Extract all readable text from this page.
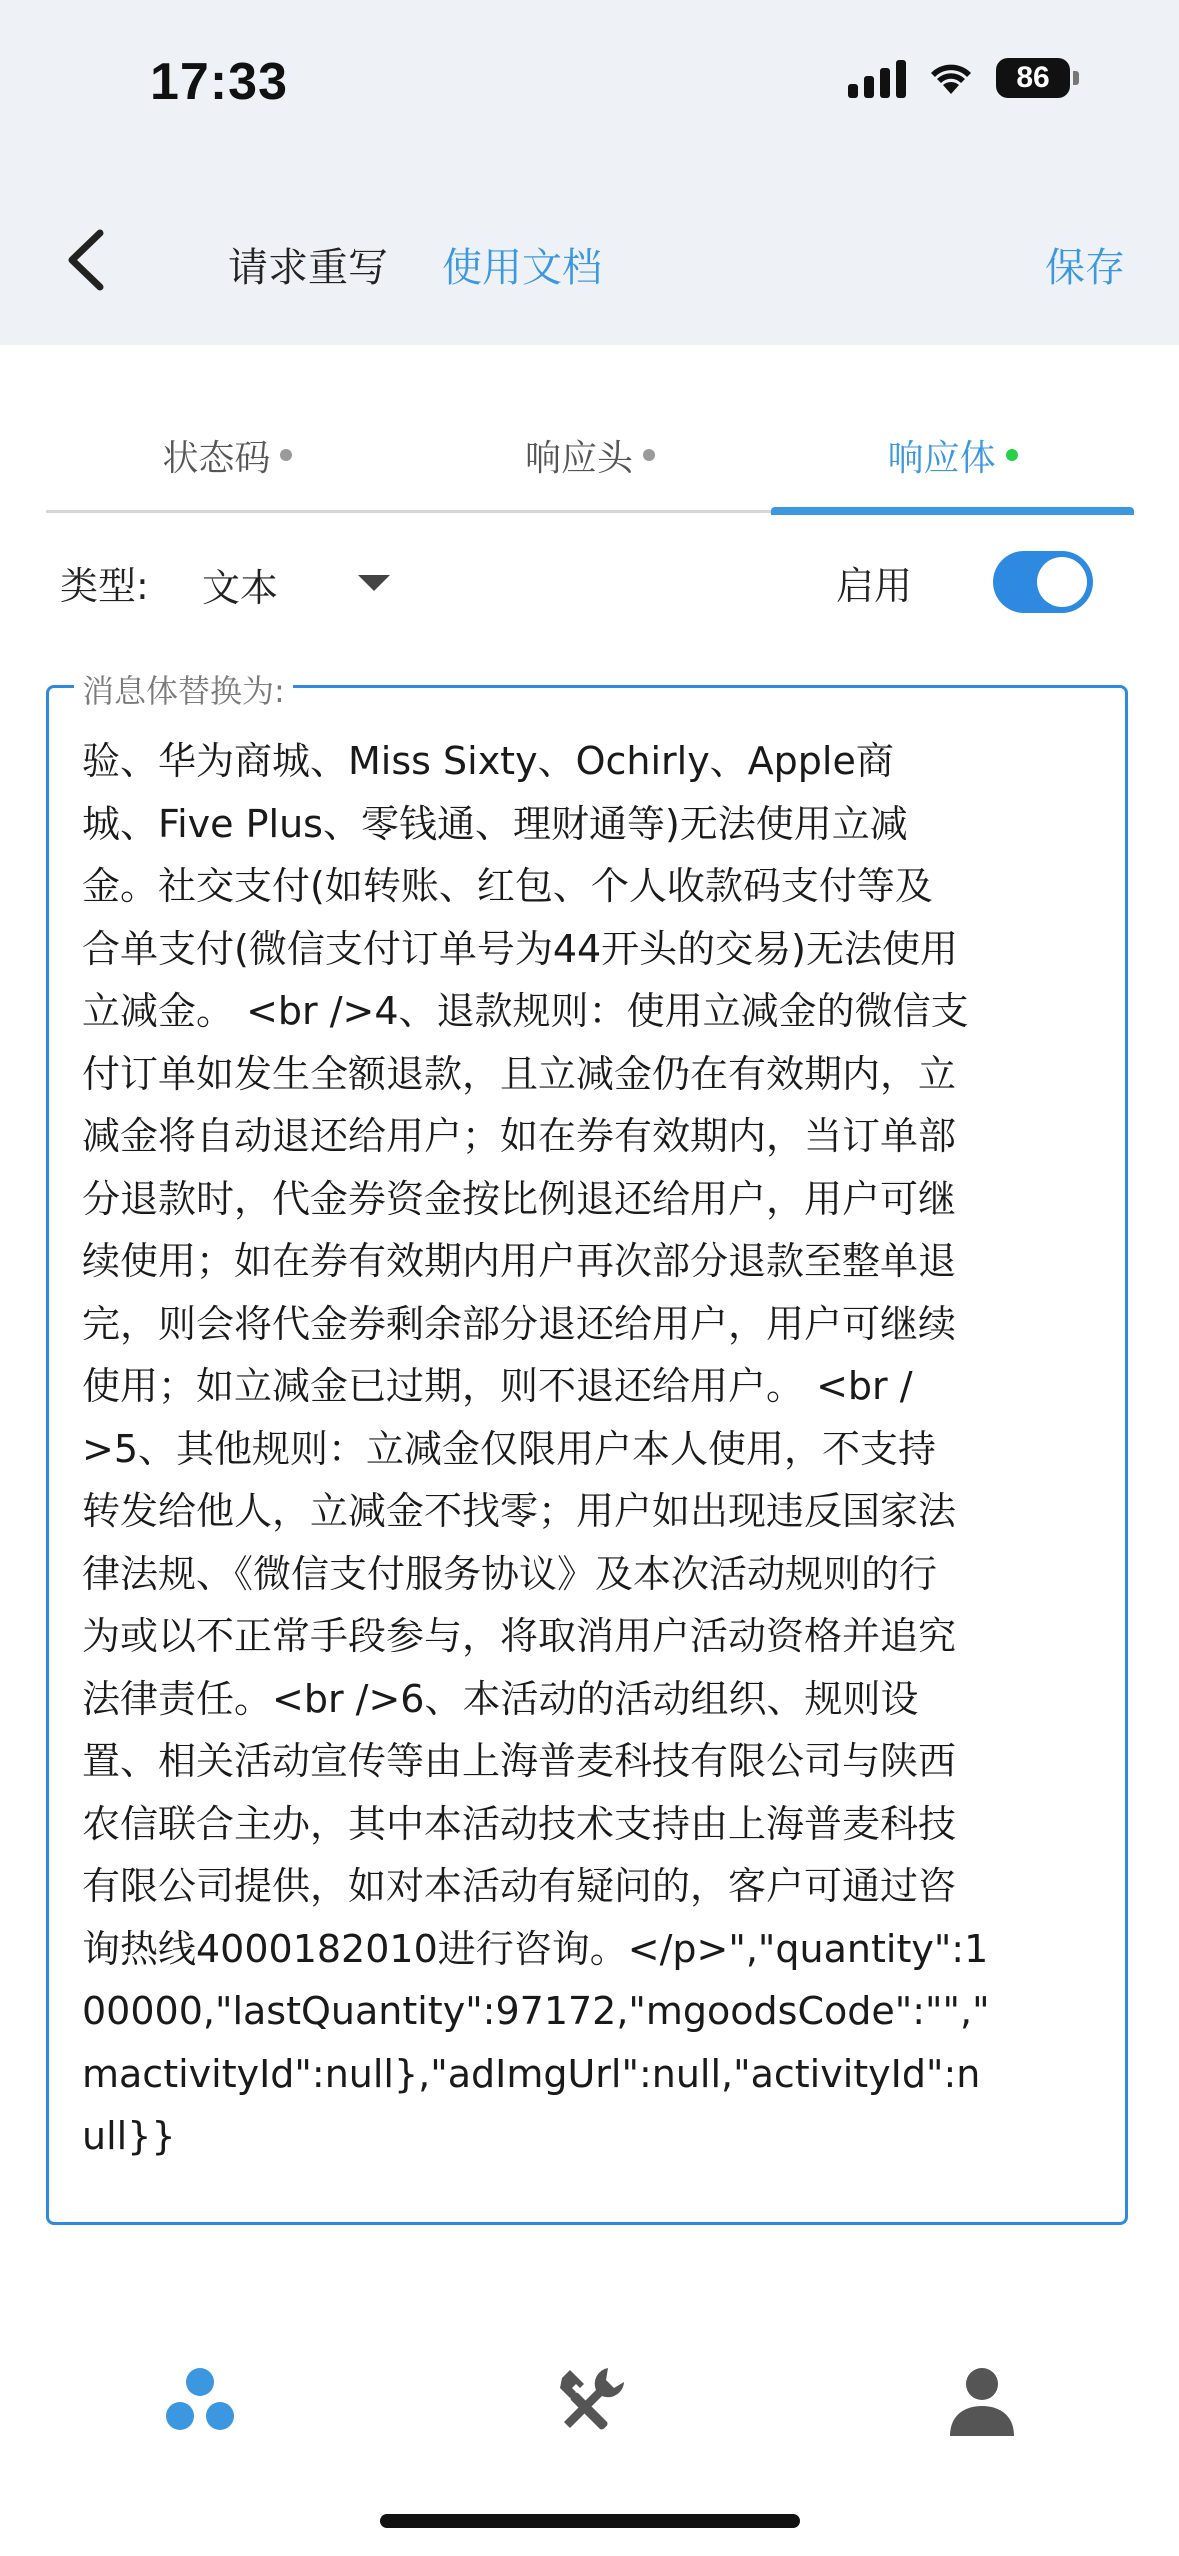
17:33	86
请求重写 使用文档	保存
状态码	响应头	响应体
类型: 文本	启用
消息体替换为:
验、华为商城、Miss Sixty、Ochirly、Apple商
城、Five Plus、零钱通、理财通等)无法使用立减
金。社交支付(如转账、红包、个人收款码支付等及
合单支付(微信支付订单号为44开头的交易)无法使用
立减金。 <br />4、退款规则：使用立减金的微信支
付订单如发生全额退款，且立减金仍在有效期内，立
减金将自动退还给用户；如在券有效期内，当订单部
分退款时，代金券资金按比例退还给用户，用户可继
续使用；如在券有效期内用户再次部分退款至整单退
完，则会将代金券剩余部分退还给用户，用户可继续
使用；如立减金已过期，则不退还给用户。 <br /
>5、其他规则：立减金仅限用户本人使用，不支持
转发给他人，立减金不找零；用户如出现违反国家法
律法规、《微信支付服务协议》及本次活动规则的行
为或以不正常手段参与，将取消用户活动资格并追究
法律责任。<br />6、本活动的活动组织、规则设
置、相关活动宣传等由上海普麦科技有限公司与陕西
农信联合主办，其中本活动技术支持由上海普麦科技
有限公司提供，如对本活动有疑问的，客户可通过咨
询热线4000182010进行咨询。</p>","quantity":1
00000,"lastQuantity":97172,"mgoodsCode":"","
mactivityId":null},"adImgUrl":null,"activityId":n
ull}}
